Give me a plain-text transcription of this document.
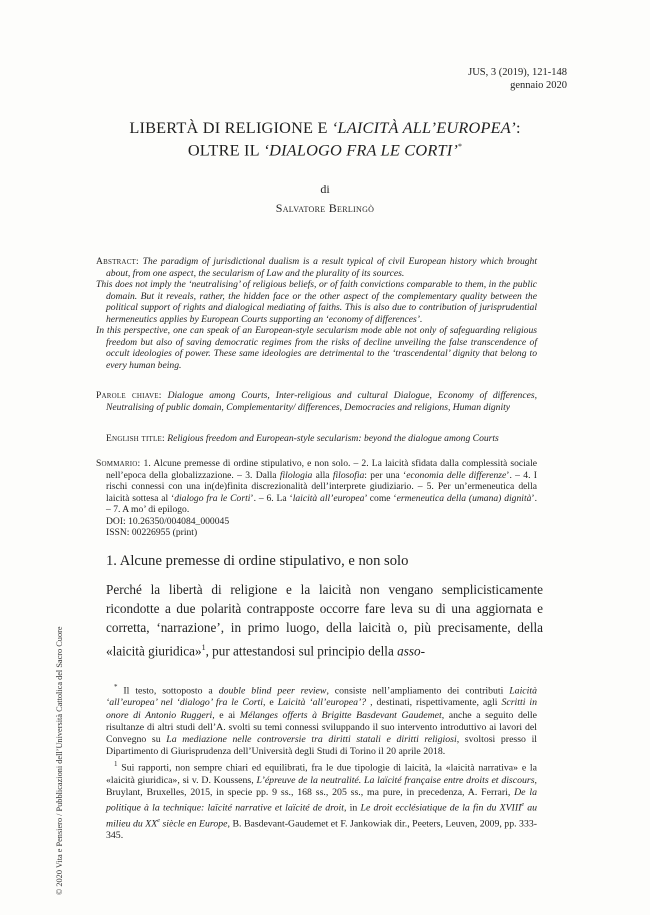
JUS, 3 (2019), 121-148
gennaio 2020
LIBERTÀ DI RELIGIONE E ‘LAICITÀ ALL’EUROPEA’:
OLTRE IL ‘DIALOGO FRA LE CORTI’*
di
Salvatore Berlingò

Abstract: The paradigm of jurisdictional dualism is a result typical of civil European history which brought about, from one aspect, the secularism of Law and the plurality of its sources.

This does not imply the ‘neutralising’ of religious beliefs, or of faith convictions comparable to them, in the public domain. But it reveals, rather, the hidden face or the other aspect of the complementary quality between the political support of rights and dialogical mediating of faiths. This is also due to contribution of jurisprudential hermeneutics applies by European Courts supporting an ‘economy of differences’.

In this perspective, one can speak of an European-style secularism mode able not only of safeguarding religious freedom but also of saving democratic regimes from the risks of decline unveiling the false transcendence of occult ideologies of power. These same ideologies are detrimental to the ‘trascendental’ dignity that belong to every human being.

Parole chiave: Dialogue among Courts, Inter-religious and cultural Dialogue, Economy of differences, Neutralising of public domain, Complementarity/ differences, Democracies and religions, Human dignity

English title: Religious freedom and European-style secularism: beyond the dialogue among Courts

Sommario: 1. Alcune premesse di ordine stipulativo, e non solo. – 2. La laicità sfidata dalla complessità sociale nell’epoca della globalizzazione. – 3. Dalla filologia alla filosofia: per una ‘economia delle differenze’. – 4. I rischi connessi con una in(de)finita discrezionalità dell’interprete giudiziario. – 5. Per un’ermeneutica della laicità sottesa al ‘dialogo fra le Corti’. – 6. La ‘laicità all’europea’ come ‘ermeneutica della (umana) dignità’. – 7. A mo’ di epilogo.

DOI: 10.26350/004084_000045

ISSN: 00226955 (print)

1. Alcune premesse di ordine stipulativo, e non solo
Perché la libertà di religione e la laicità non vengano semplicisticamente ricondotte a due polarità contrapposte occorre fare leva su di una aggiornata e corretta, ‘narrazione’, in primo luogo, della laicità o, più precisamente, della «laicità giuridica»$^1$, pur attestandosi sul principio della asso-

* Il testo, sottoposto a double blind peer review, consiste nell’ampliamento dei contributi Laicità ‘all’europea’ nel ‘dialogo’ fra le Corti, e Laicità ‘all’europea’? , destinati, rispettivamente, agli Scritti in onore di Antonio Ruggeri, e ai Mélanges offerts à Brigitte Basdevant Gaudemet, anche a seguito delle risultanze di altri studi dell’A. svolti su temi connessi sviluppando il suo intervento introduttivo ai lavori del Convegno su La mediazione nelle controversie tra diritti statali e diritti religiosi, svoltosi presso il Dipartimento di Giurisprudenza dell’Università degli Studi di Torino il 20 aprile 2018.

$^1$ Sui rapporti, non sempre chiari ed equilibrati, fra le due tipologie di laicità, la «laicità narrativa» e la «laicità giuridica», si v. D. Koussens, L’épreuve de la neutralité. La laïcité française entre droits et discours, Bruylant, Bruxelles, 2015, in specie pp. 9 ss., 168 ss., 205 ss., ma pure, in precedenza, A. Ferrari, De la politique à la technique: laïcité narrative et laïcité de droit, in Le droit ecclésiatique de la fin du XVIIIe au milieu du XXe siècle en Europe, B. Basdevant-Gaudemet et F. Jankowiak dir., Peeters, Leuven, 2009, pp. 333-345.

© 2020 Vita e Pensiero / Pubblicazioni dell’Università Cattolica del Sacro Cuore
